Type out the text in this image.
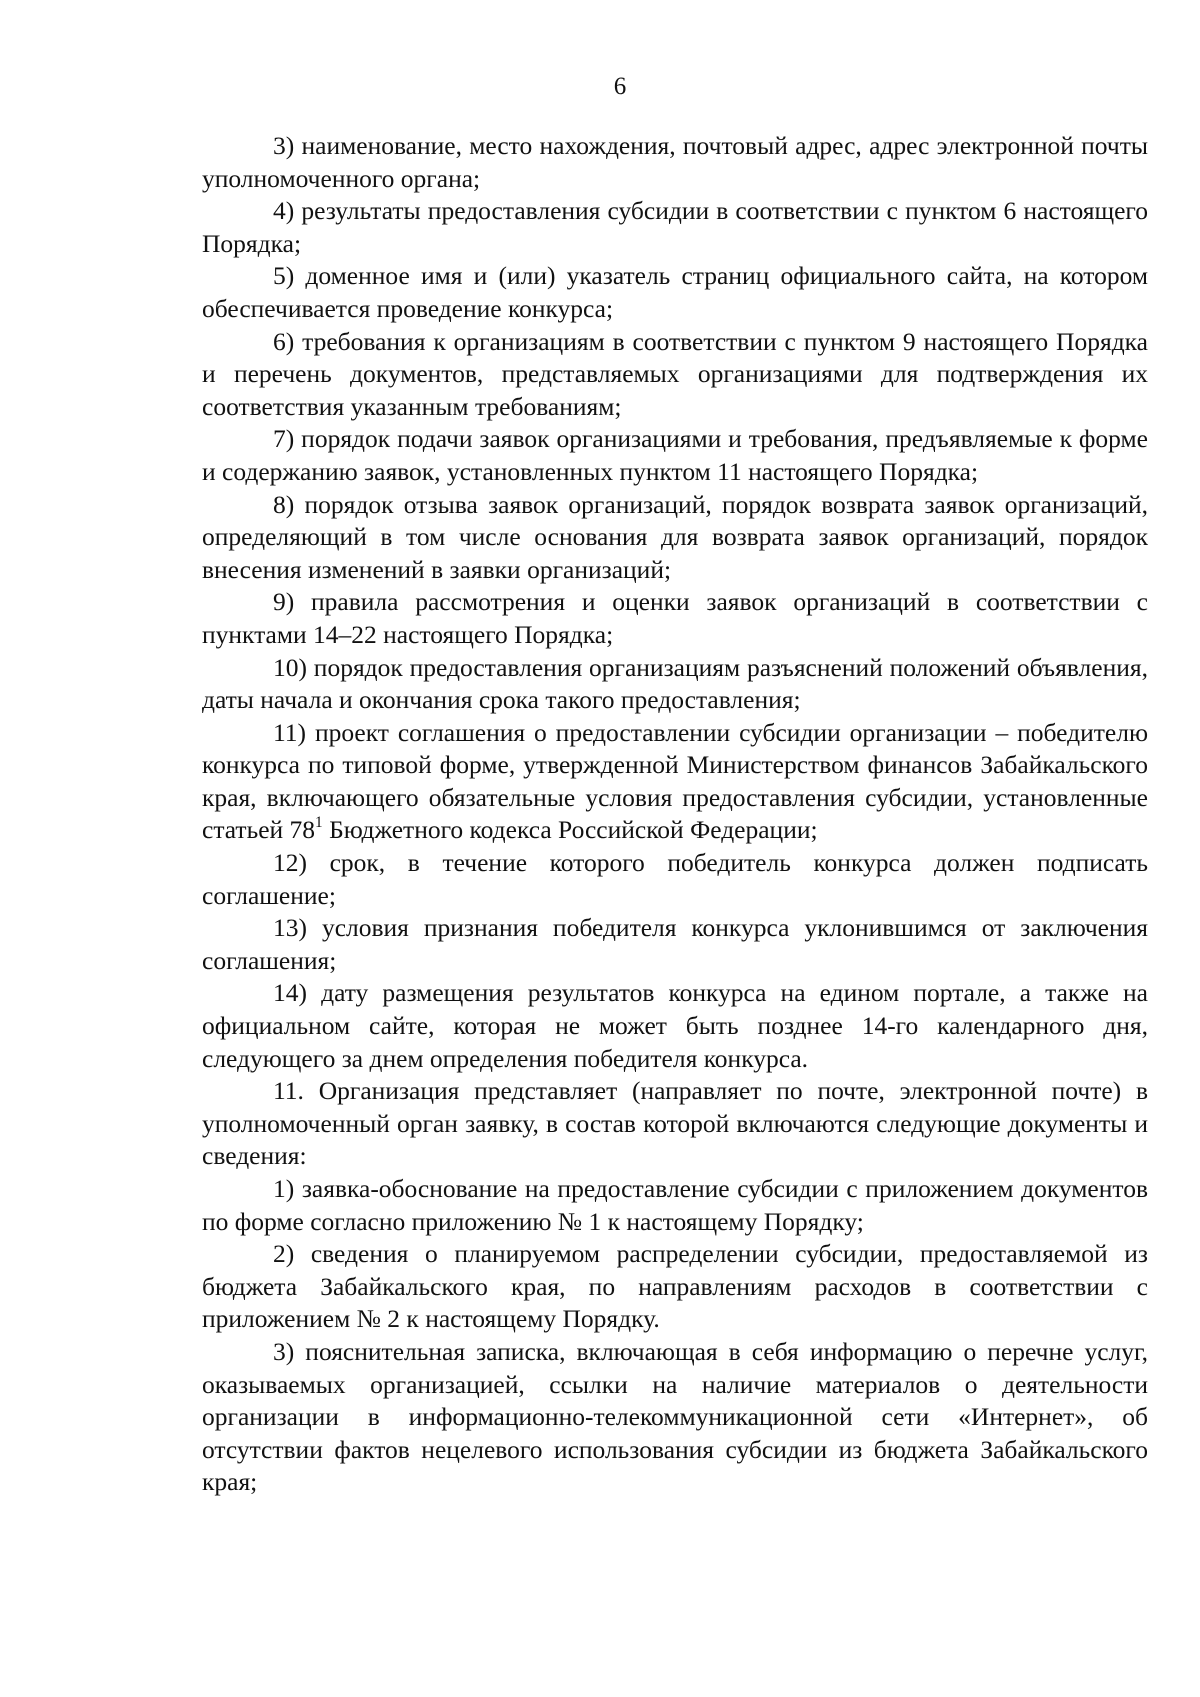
6

3) наименование, место нахождения, почтовый адрес, адрес электронной почты уполномоченного органа;

4) результаты предоставления субсидии в соответствии с пунктом 6 настоящего Порядка;

5) доменное имя и (или) указатель страниц официального сайта, на котором обеспечивается проведение конкурса;

6) требования к организациям в соответствии с пунктом 9 настоящего Порядка и перечень документов, представляемых организациями для подтверждения их соответствия указанным требованиям;

7) порядок подачи заявок организациями и требования, предъявляемые к форме и содержанию заявок, установленных пунктом 11 настоящего Порядка;

8) порядок отзыва заявок организаций, порядок возврата заявок организаций, определяющий в том числе основания для возврата заявок организаций, порядок внесения изменений в заявки организаций;

9) правила рассмотрения и оценки заявок организаций в соответствии с пунктами 14–22 настоящего Порядка;

10) порядок предоставления организациям разъяснений положений объявления, даты начала и окончания срока такого предоставления;

11) проект соглашения о предоставлении субсидии организации – победителю конкурса по типовой форме, утвержденной Министерством финансов Забайкальского края, включающего обязательные условия предоставления субсидии, установленные статьей $78^1$ Бюджетного кодекса Российской Федерации;

12) срок, в течение которого победитель конкурса должен подписать соглашение;

13) условия признания победителя конкурса уклонившимся от заключения соглашения;

14) дату размещения результатов конкурса на едином портале, а также на официальном сайте, которая не может быть позднее 14-го календарного дня, следующего за днем определения победителя конкурса.

11. Организация представляет (направляет по почте, электронной почте) в уполномоченный орган заявку, в состав которой включаются следующие документы и сведения:

1) заявка-обоснование на предоставление субсидии с приложением документов по форме согласно приложению № 1 к настоящему Порядку;

2) сведения о планируемом распределении субсидии, предоставляемой из бюджета Забайкальского края, по направлениям расходов в соответствии с приложением № 2 к настоящему Порядку.

3) пояснительная записка, включающая в себя информацию о перечне услуг, оказываемых организацией, ссылки на наличие материалов о деятельности организации в информационно-телекоммуникационной сети «Интернет», об отсутствии фактов нецелевого использования субсидии из бюджета Забайкальского края;
